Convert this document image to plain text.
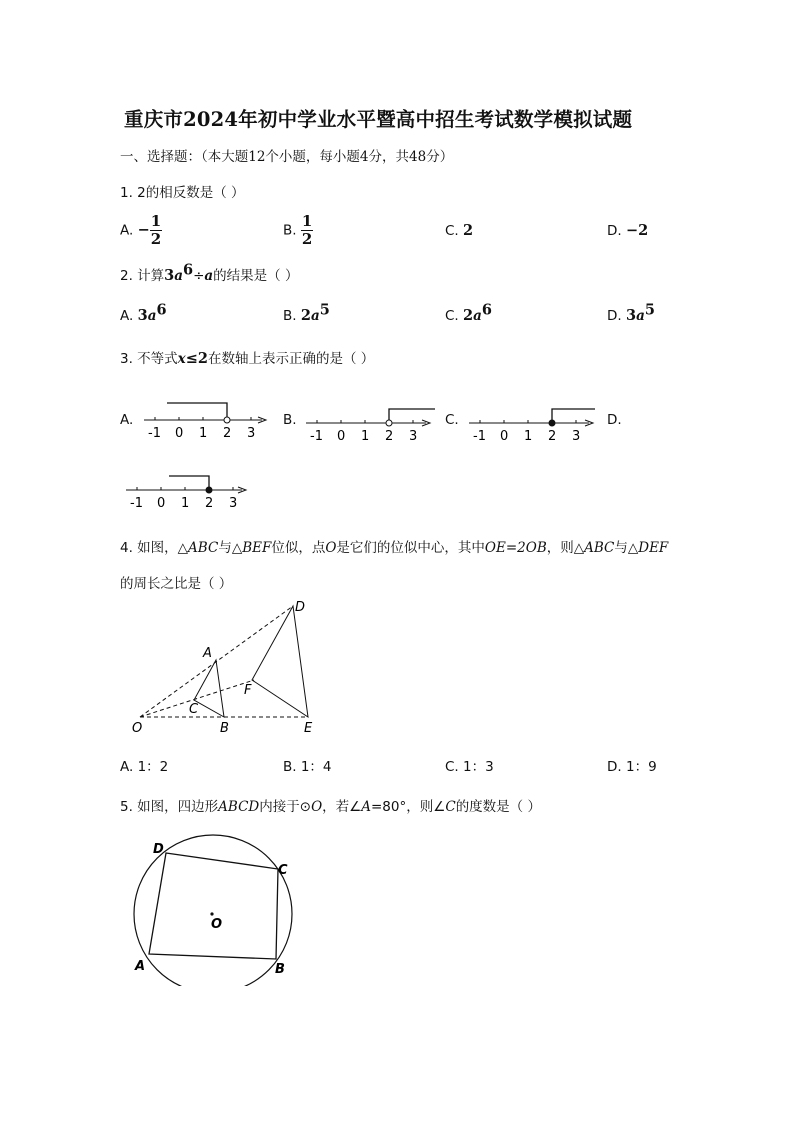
重庆市2024年初中学业水平暨高中招生考试数学模拟试题
一、选择题：（本大题12个小题，每小题4分，共48分）
1. 2的相反数是（ ）
A. $-\frac{1}{2}$	B. $\frac{1}{2}$	C. 2	D. −2
2. 计算$3a^6\div a$的结果是（ ）
A. $3a^6$	B. $2a^5$	C. $2a^6$	D. $3a^5$
3. 不等式x≤2在数轴上表示正确的是（ ）
A.	B.	C.	D.
-1 0 1 2 3	-1 0 1 2 3	-1 0 1 2 3
-1 0 1 2 3
4. 如图，△ABC与△BEF位似，点O是它们的位似中心，其中OE=2OB，则△ABC与△DEF
的周长之比是（ ）
O
A
C
B
D
F
E
A. 1：2	B. 1：4	C. 1：3	D. 1：9
5. 如图，四边形ABCD内接于⊙O，若∠A=80°，则∠C的度数是（ ）
D
C
O
A	B
